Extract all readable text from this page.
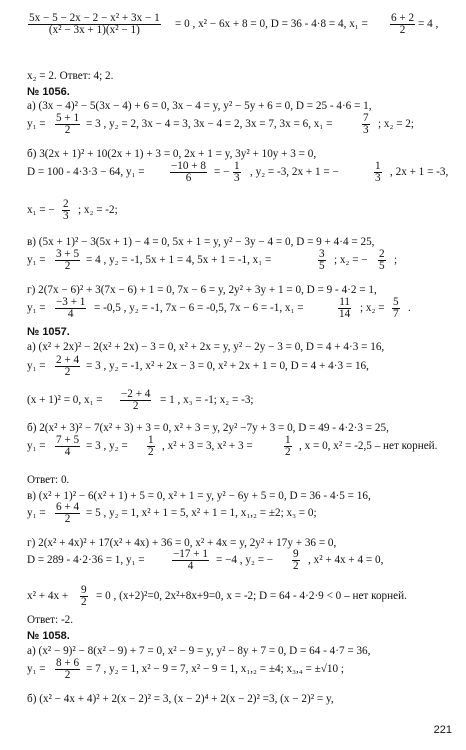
$\frac{\text{5x − 5 − 2x − 2 − x² + 3x − 1}}{\text{(x² − 3x + 1)(x² − 1)}} = 0$ , x² − 6x + 8 = 0, D = 36 - 4·8 = 4, $x_1 = \frac{6 + 2}{2} = 4$ ,
x₂ = 2. Ответ: 4; 2.
№ 1056.
а) (3x − 4)² − 5(3x − 4) + 6 = 0, 3x − 4 = y, y² − 5y + 6 = 0, D = 25 - 4·6 = 1,
$y_1 = \frac{5 + 1}{2} = 3$ , y₂ = 2, 3x − 4 = 3, 3x − 4 = 2, 3x = 7, 3x = 6, x₁ =	$\frac{7}{3}$ ; x₂ = 2;
б) 3(2x + 1)² + 10(2x + 1) + 3 = 0, 2x + 1 = y, 3y² + 10y + 3 = 0,
D = 100 - 4·3·3 − 64, $y_1 = \frac{-10 + 8}{6}$ = − $\frac{1}{3}$ , y₂ = -3, 2x + 1 = −	$\frac{1}{3}$ , 2x + 1 = -3,
x₁ = − $\frac{2}{3}$ ; x₂ = -2;
в) (5x + 1)² − 3(5x + 1) − 4 = 0, 5x + 1 = y, y² − 3y − 4 = 0, D = 9 + 4·4 = 25,
$y_1 = \frac{3 + 5}{2} = 4$ , y₂ = -1, 5x + 1 = 4, 5x + 1 = -1, x₁ =	$\frac{3}{5}$ ; x₂ = − $\frac{2}{5}$ ;
г) 2(7x − 6)² + 3(7x − 6) + 1 = 0, 7x − 6 = y, 2y² + 3y + 1 = 0, D = 9 - 4·2 = 1,
$y_1 = \frac{-3 + 1}{4} = -0,5$ , y₂ = -1, 7x − 6 = -0,5, 7x − 6 = -1, x₁ =	$\frac{11}{14}$ ; $x_2 = \frac{5}{7}$ .
№ 1057.
а) (x² + 2x)² − 2(x² + 2x) − 3 = 0, x² + 2x = y, y² − 2y − 3 = 0, D = 4 + 4·3 = 16,
$y_1 = \frac{2 + 4}{2} = 3$ , y₂ = -1, x² + 2x − 3 = 0, x² + 2x + 1 = 0, D = 4 + 4·3 = 16,
(x + 1)² = 0, $x_1 = \frac{-2 + 4}{2} = 1$ , x₃ = -1; x₂ = -3;
б) 2(x² + 3)² − 7(x² + 3) + 3 = 0, x² + 3 = y, 2y² −7y + 3 = 0, D = 49 - 4·2·3 = 25,
$y_1 = \frac{7 + 5}{4} = 3$ , $y_2 = \frac{1}{2}$ , x² + 3 = 3, x² + 3 =	$\frac{1}{2}$ , x = 0, x² = -2,5 – нет корней.
Ответ: 0.
в) (x² + 1)² − 6(x² + 1) + 5 = 0, x² + 1 = y, y² − 6y + 5 = 0, D = 36 - 4·5 = 16,
$y_1 = \frac{6 + 4}{2} = 5$ , y₂ = 1, x² + 1 = 5, x² + 1 = 1, x₁,₂ = ±2; x₃ = 0;
г) 2(x² + 4x)² + 17(x² + 4x) + 36 = 0, x² + 4x = y, 2y² + 17y + 36 = 0,
D = 289 - 4·2·36 = 1, $y_1 = \frac{-17 + 1}{4} = -4$ , y₂ = − $\frac{9}{2}$ , x² + 4x + 4 = 0,
$x^2 + 4x + \frac{9}{2} = 0$ , (x+2)²=0, 2x²+8x+9=0, x = -2; D = 64 - 4·2·9 < 0 – нет корней.
Ответ: -2.
№ 1058.
а) (x² − 9)² − 8(x² − 9) + 7 = 0, x² − 9 = y, y² − 8y + 7 = 0, D = 64 - 4·7 = 36,
$y_1 = \frac{8 + 6}{2} = 7$ , y₂ = 1, x² − 9 = 7, x² − 9 = 1, x₁,₂ = ±4; x₃,₄ = ±√10 ;
б) (x² − 4x + 4)² + 2(x − 2)² = 3, (x − 2)⁴ + 2(x − 2)² =3, (x − 2)² = y,
221
